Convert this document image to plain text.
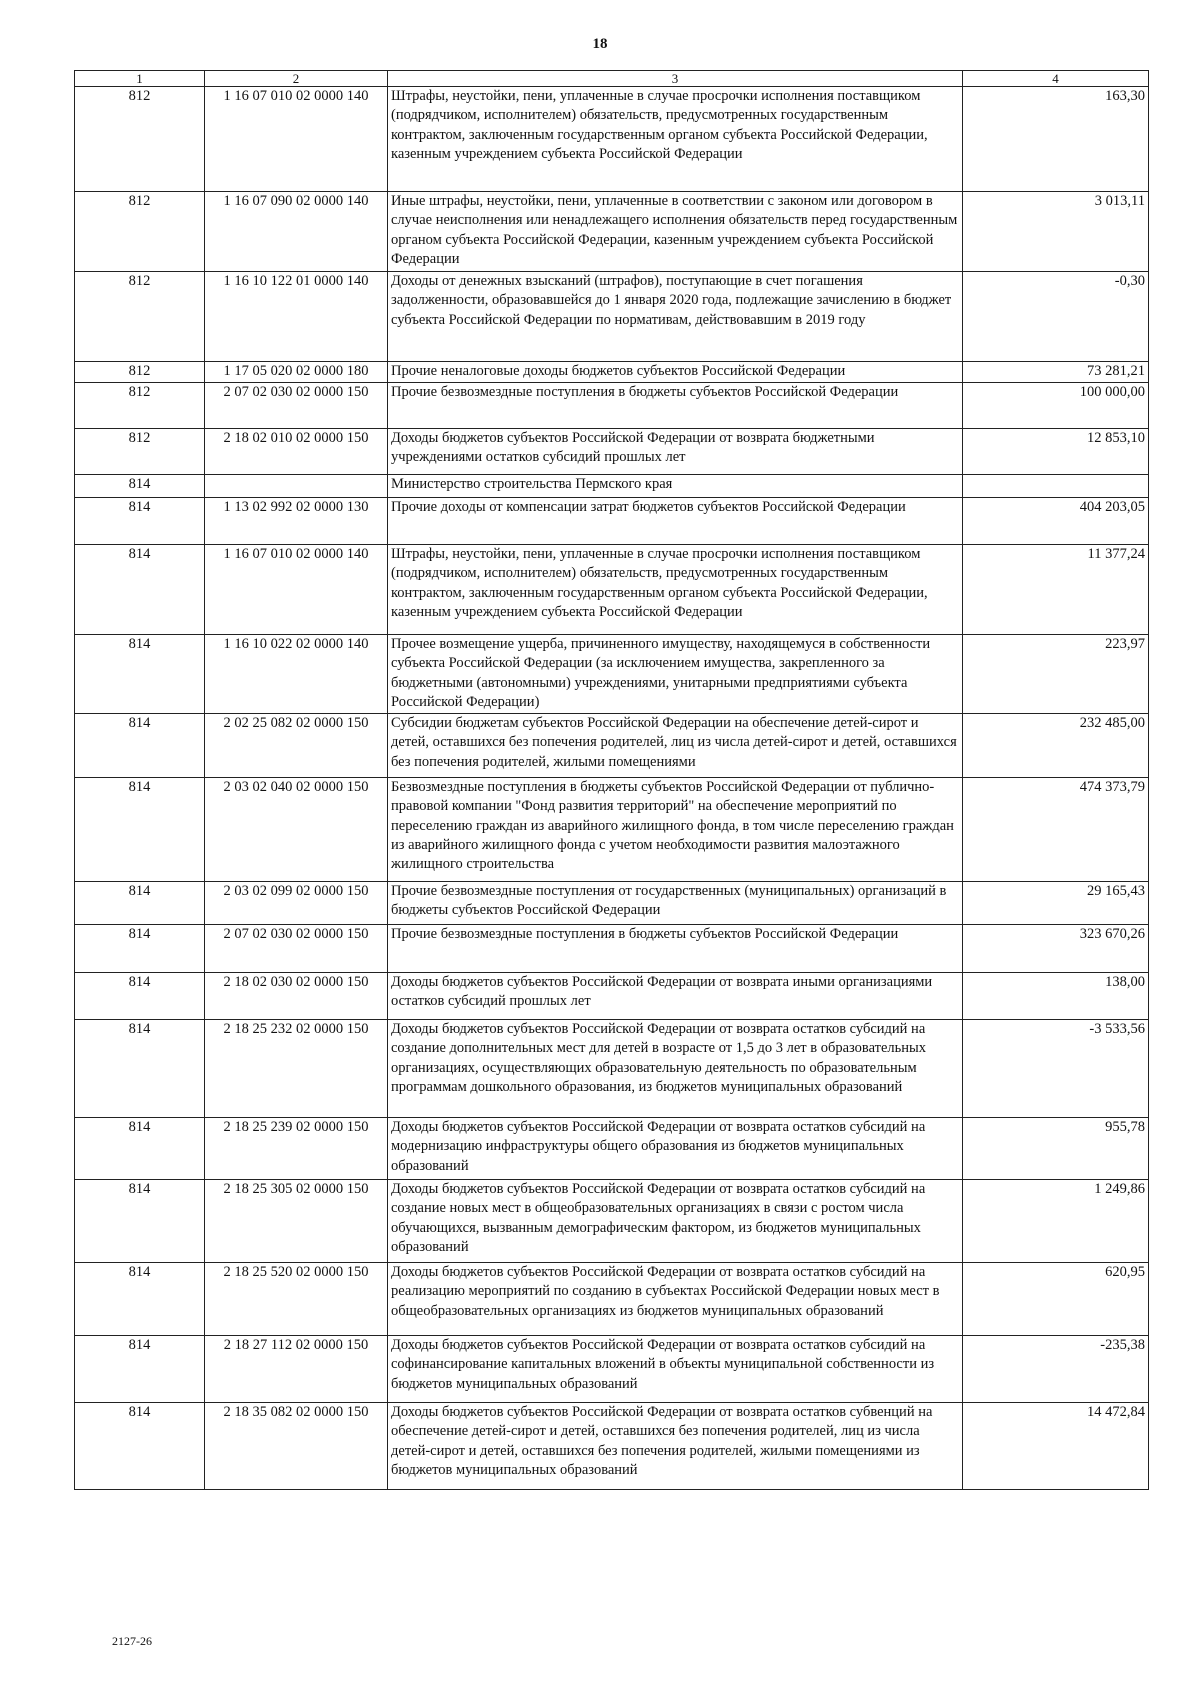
18
1	2	3	4
812	1 16 07 010 02 0000 140	Штрафы, неустойки, пени, уплаченные в случае просрочки исполнения поставщиком (подрядчиком, исполнителем) обязательств, предусмотренных государственным контрактом, заключенным государственным органом субъекта Российской Федерации, казенным учреждением субъекта Российской Федерации	163,30
812	1 16 07 090 02 0000 140	Иные штрафы, неустойки, пени, уплаченные в соответствии с законом или договором в случае неисполнения или ненадлежащего исполнения обязательств перед государственным органом субъекта Российской Федерации, казенным учреждением субъекта Российской Федерации	3 013,11
812	1 16 10 122 01 0000 140	Доходы от денежных взысканий (штрафов), поступающие в счет погашения задолженности, образовавшейся до 1 января 2020 года, подлежащие зачислению в бюджет субъекта Российской Федерации по нормативам, действовавшим в 2019 году	-0,30
812	1 17 05 020 02 0000 180	Прочие неналоговые доходы бюджетов субъектов Российской Федерации	73 281,21
812	2 07 02 030 02 0000 150	Прочие безвозмездные поступления в бюджеты субъектов Российской Федерации	100 000,00
812	2 18 02 010 02 0000 150	Доходы бюджетов субъектов Российской Федерации от возврата бюджетными учреждениями остатков субсидий прошлых лет	12 853,10
814		Министерство строительства Пермского края	
814	1 13 02 992 02 0000 130	Прочие доходы от компенсации затрат бюджетов субъектов Российской Федерации	404 203,05
814	1 16 07 010 02 0000 140	Штрафы, неустойки, пени, уплаченные в случае просрочки исполнения поставщиком (подрядчиком, исполнителем) обязательств, предусмотренных государственным контрактом, заключенным государственным органом субъекта Российской Федерации, казенным учреждением субъекта Российской Федерации	11 377,24
814	1 16 10 022 02 0000 140	Прочее возмещение ущерба, причиненного имуществу, находящемуся в собственности субъекта Российской Федерации (за исключением имущества, закрепленного за бюджетными (автономными) учреждениями, унитарными предприятиями субъекта Российской Федерации)	223,97
814	2 02 25 082 02 0000 150	Субсидии бюджетам субъектов Российской Федерации на обеспечение детей-сирот и детей, оставшихся без попечения родителей, лиц из числа детей-сирот и детей, оставшихся без попечения родителей, жилыми помещениями	232 485,00
814	2 03 02 040 02 0000 150	Безвозмездные поступления в бюджеты субъектов Российской Федерации от публично-правовой компании "Фонд развития территорий" на обеспечение мероприятий по переселению граждан из аварийного жилищного фонда, в том числе переселению граждан из аварийного жилищного фонда с учетом необходимости развития малоэтажного жилищного строительства	474 373,79
814	2 03 02 099 02 0000 150	Прочие безвозмездные поступления от государственных (муниципальных) организаций в бюджеты субъектов Российской Федерации	29 165,43
814	2 07 02 030 02 0000 150	Прочие безвозмездные поступления в бюджеты субъектов Российской Федерации	323 670,26
814	2 18 02 030 02 0000 150	Доходы бюджетов субъектов Российской Федерации от возврата иными организациями остатков субсидий прошлых лет	138,00
814	2 18 25 232 02 0000 150	Доходы бюджетов субъектов Российской Федерации от возврата остатков субсидий на создание дополнительных мест для детей в возрасте от 1,5 до 3 лет в образовательных организациях, осуществляющих образовательную деятельность по образовательным программам дошкольного образования, из бюджетов муниципальных образований	-3 533,56
814	2 18 25 239 02 0000 150	Доходы бюджетов субъектов Российской Федерации от возврата остатков субсидий на модернизацию инфраструктуры общего образования из бюджетов муниципальных образований	955,78
814	2 18 25 305 02 0000 150	Доходы бюджетов субъектов Российской Федерации от возврата остатков субсидий на создание новых мест в общеобразовательных организациях в связи с ростом числа обучающихся, вызванным демографическим фактором, из бюджетов муниципальных образований	1 249,86
814	2 18 25 520 02 0000 150	Доходы бюджетов субъектов Российской Федерации от возврата остатков субсидий на реализацию мероприятий по созданию в субъектах Российской Федерации новых мест в общеобразовательных организациях из бюджетов муниципальных образований	620,95
814	2 18 27 112 02 0000 150	Доходы бюджетов субъектов Российской Федерации от возврата остатков субсидий на софинансирование капитальных вложений в объекты муниципальной собственности из бюджетов муниципальных образований	-235,38
814	2 18 35 082 02 0000 150	Доходы бюджетов субъектов Российской Федерации от возврата остатков субвенций на обеспечение детей-сирот и детей, оставшихся без попечения родителей, лиц из числа детей-сирот и детей, оставшихся без попечения родителей, жилыми помещениями из бюджетов муниципальных образований	14 472,84
2127-26
